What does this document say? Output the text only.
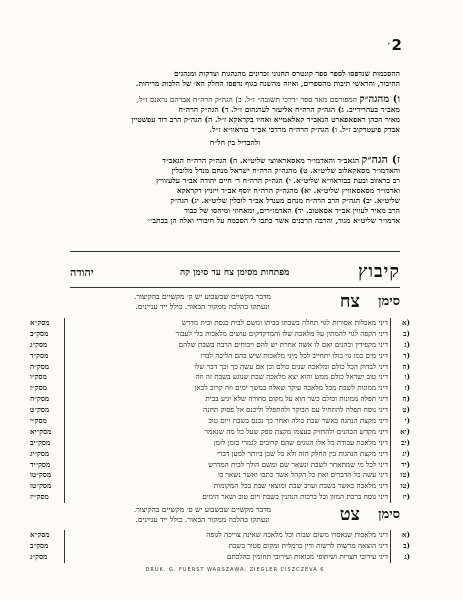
´2
ההסכמות שנדפסו לספר ספר קונטרס תחנוני זכרונים מהנהגות וצדקות ומנהגים
החיבור, והראשי תיבות מהספרים, ואיזה מהשנה בגוף נדפסו החלק הא׳ של הלכות מריחות.
ו) מהגה״ק המפורסם מאד ספר ״דרכי תשובה״ ז״ל. ב) הגה״ק הרה״ח אברהם נראנס ז״ל,
מאב״ד בעהרידייב. ג) הגה״ק הרה״ח אליעזר לערנהום ז״ל. ד) הגה״ק הרה״ח
מאיר הכהן ראפאפארט הגאב״ד קאלאמייא ואחיו בקראקא ז״ל. ה) הגה״ק הרב דוד עפשטיין
אבדק פיעטרקוב ז״ל. ו) הגה״ק הרה״ח מרדכי אב״ד בוראוו״א ז״ל.
ולהבדיל בין חל״ח
ז) הגה״ק הגאב״ד והאדמו״ר מאסאראווצי שליט״א. ח) הגה״ק הרה״ח הגאב״ד
והאדמו״ר מסאקאלוב שליט״א. ט) מהגה״ק הרה״ח ישראל מנחם מנדל מלובלין
רב בראזוב ובעת בבוראוו״א שליט״א. י) הגה״ק הרה״ח ר׳ חיים יהודה אב״ד עלעזוויץ
ואדמו״ר מסאסאוויץ שליט״א. יא) מהגה״ק הרה״ח יוסף אב״ד ויזניץ דקראקא
שליט״א. יב) הגה״ק הרב הרה״ח מנחם מענדל אב״ד לובלין שליט״א. יג) הגה״ק
הרב מאיר לעווין אב״ד אסאטוב. יד) האדמו״רים, ומאחוזי ומיחסו של כבוד
אדמו״ר שליט״א מגור, והרבה הרבנים אשר כתבו לי הסכמה על חיבורי ואלה הן בכתב׳׳׳
קיבוץ
מפתחות מסימן צח עד סימן קה
יהודה
סימן
צח
מדבר מקשיים שבשבוע יש ק׳ מקשיים בהקיצור.
ונעתקו בהלכה ממקור הבאור. כולל ייד עניינים.
מסק״א	דיני מאכלות אסורות לגוי תחלה בשבתו בביתו ומשם לבית כנסת ובית מדרש	א)
מסק״ב	דיני הקפה לגוי להמתין על מלאכה שלו והמדקדקים עושים מלאכות בלי לעבור	ב)
מסק״ג	דיני מקפידין וכהנים ואם לו אשה אחרת יש להם ויכוחים הרבה בשבת שלהם	ג)
מסק״ד	דיני מים כמו גוי כולו יתחייב לכל מיני מלאכות שיש בהם הליכה לבדו	ד)
מסק״ה	דיני לבדוק הכל כולם ומלאכה שנים כולם וכן אם עשה כך וכך דבר שלו	ה)
מסק״ו	דיני טוב ישראל כולם ממש והוא יצא מלאכה שבת שנוגע בשבת זה וזה	ו)
מסק״ז	דיני ממונות לשבת מכל מלאכה עיקר שאלה במשך ימים וזה קרוב לכאן	ז)
מסק״ח	דיני תפלה ממונות וכולם כשר הוא על מקום סחורה שלא יגיע בבית	ח)
מסק״ט	דיני נוסח תפלה להתחיל עם הבוקר ולהתפלל וליכנס אל פסוק תחנה	ט)
מסק״י	דיני מקצת הנהגה כאשר שבת כולה ואחר כך נכנס בשבת ויום טוב	י)
מסק״יא	דיני מקדש הכהנים ולהחזיק בעצמו מקצת ספק שעל כל מה שנאמר	יא)
מסק״יב	דיני מלאכת עבודת כל אלו הגונים שהם קרובים לגמרי בזמן לזמן	יב)
מסק״יג	דיני מקצת הנהגות בין החלק הזה ולא כל שכן ביותר למען דברי	יג)
מסק״יד	דיני לכל מי שמתאחר לשבת ונשאר שם ומשם הולך לבית המדרש	יד)
מסק״טו	דיני עשה כל הדברים ואת כל הקהל אשר כתבו ואשר נשאר בו	טו)
מסק״טז	דיני מלאכה כאשר בשבת וערב שבת ומוצאי שבת בכל המקומות	טז)
מסק״יז	דיני נוסח ברכת המזון וכל ברכות הנהנין בשבת ויום טוב ושאר הימים	יז)
סימן
צט
מדבר מקשיים שבשבוע יש ס׳ מקשיים בהקיצור.
ונעתקו בהלכה ממקור הבאור. כולל ייד עניינים.
מסק״א	דיני מלאכות שנאסרו משום שבות וכל מלאכה שאינה צריכה לגופה	א)
מסק״ב	דיני הוצאה מרשות לרשות ודין כרמלית ומקום פטור בשבת	ב)
מסק״ג	דיני עירובי חצרות ושיתופי מבואות ועירובי תחומין כהלכתם	ג)
DRUK. G. FUERST WARSZAWA, ZIEGLER CISZCZEVA 6
